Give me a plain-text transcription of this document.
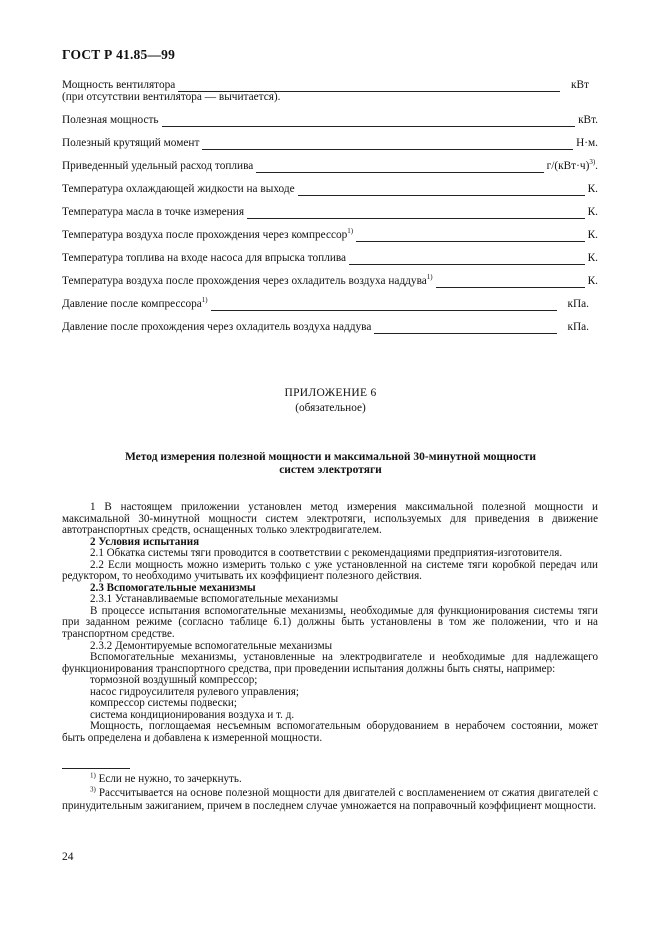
ГОСТ Р 41.85—99
Мощность вентилятора	кВт
(при отсутствии вентилятора — вычитается).
Полезная мощность	кВт.
Полезный крутящий момент	Н·м.
Приведенный удельный расход топлива	$г/(кВт\cdot ч)^{3)}$.
Температура охлаждающей жидкости на выходе	К.
Температура масла в точке измерения	К.
Температура воздуха после прохождения через компрессор$^{1)}$	К.
Температура топлива на входе насоса для впрыска топлива	К.
Температура воздуха после прохождения через охладитель воздуха наддува$^{1)}$	К.
Давление после компрессора$^{1)}$	кПа.
Давление после прохождения через охладитель воздуха наддува	кПа.
ПРИЛОЖЕНИЕ 6
(обязательное)
Метод измерения полезной мощности и максимальной 30-минутной мощности
систем электротяги

1 В настоящем приложении установлен метод измерения максимальной полезной мощности и максимальной 30-минутной мощности систем электротяги, используемых для приведения в движение автотранспортных средств, оснащенных только электродвигателем.

2 Условия испытания

2.1 Обкатка системы тяги проводится в соответствии с рекомендациями предприятия-изготовителя.

2.2 Если мощность можно измерить только с уже установленной на системе тяги коробкой передач или редуктором, то необходимо учитывать их коэффициент полезного действия.

2.3 Вспомогательные механизмы

2.3.1 Устанавливаемые вспомогательные механизмы

В процессе испытания вспомогательные механизмы, необходимые для функционирования системы тяги при заданном режиме (согласно таблице 6.1) должны быть установлены в том же положении, что и на транспортном средстве.

2.3.2 Демонтируемые вспомогательные механизмы

Вспомогательные механизмы, установленные на электродвигателе и необходимые для надлежащего функционирования транспортного средства, при проведении испытания должны быть сняты, например:

тормозной воздушный компрессор;

насос гидроусилителя рулевого управления;

компрессор системы подвески;

система кондиционирования воздуха и т. д.

Мощность, поглощаемая несъемным вспомогательным оборудованием в нерабочем состоянии, может быть определена и добавлена к измеренной мощности.

$^{1)}$ Если не нужно, то зачеркнуть.

$^{3)}$ Рассчитывается на основе полезной мощности для двигателей с воспламенением от сжатия двигателей с принудительным зажиганием, причем в последнем случае умножается на поправочный коэффициент мощности.

24
